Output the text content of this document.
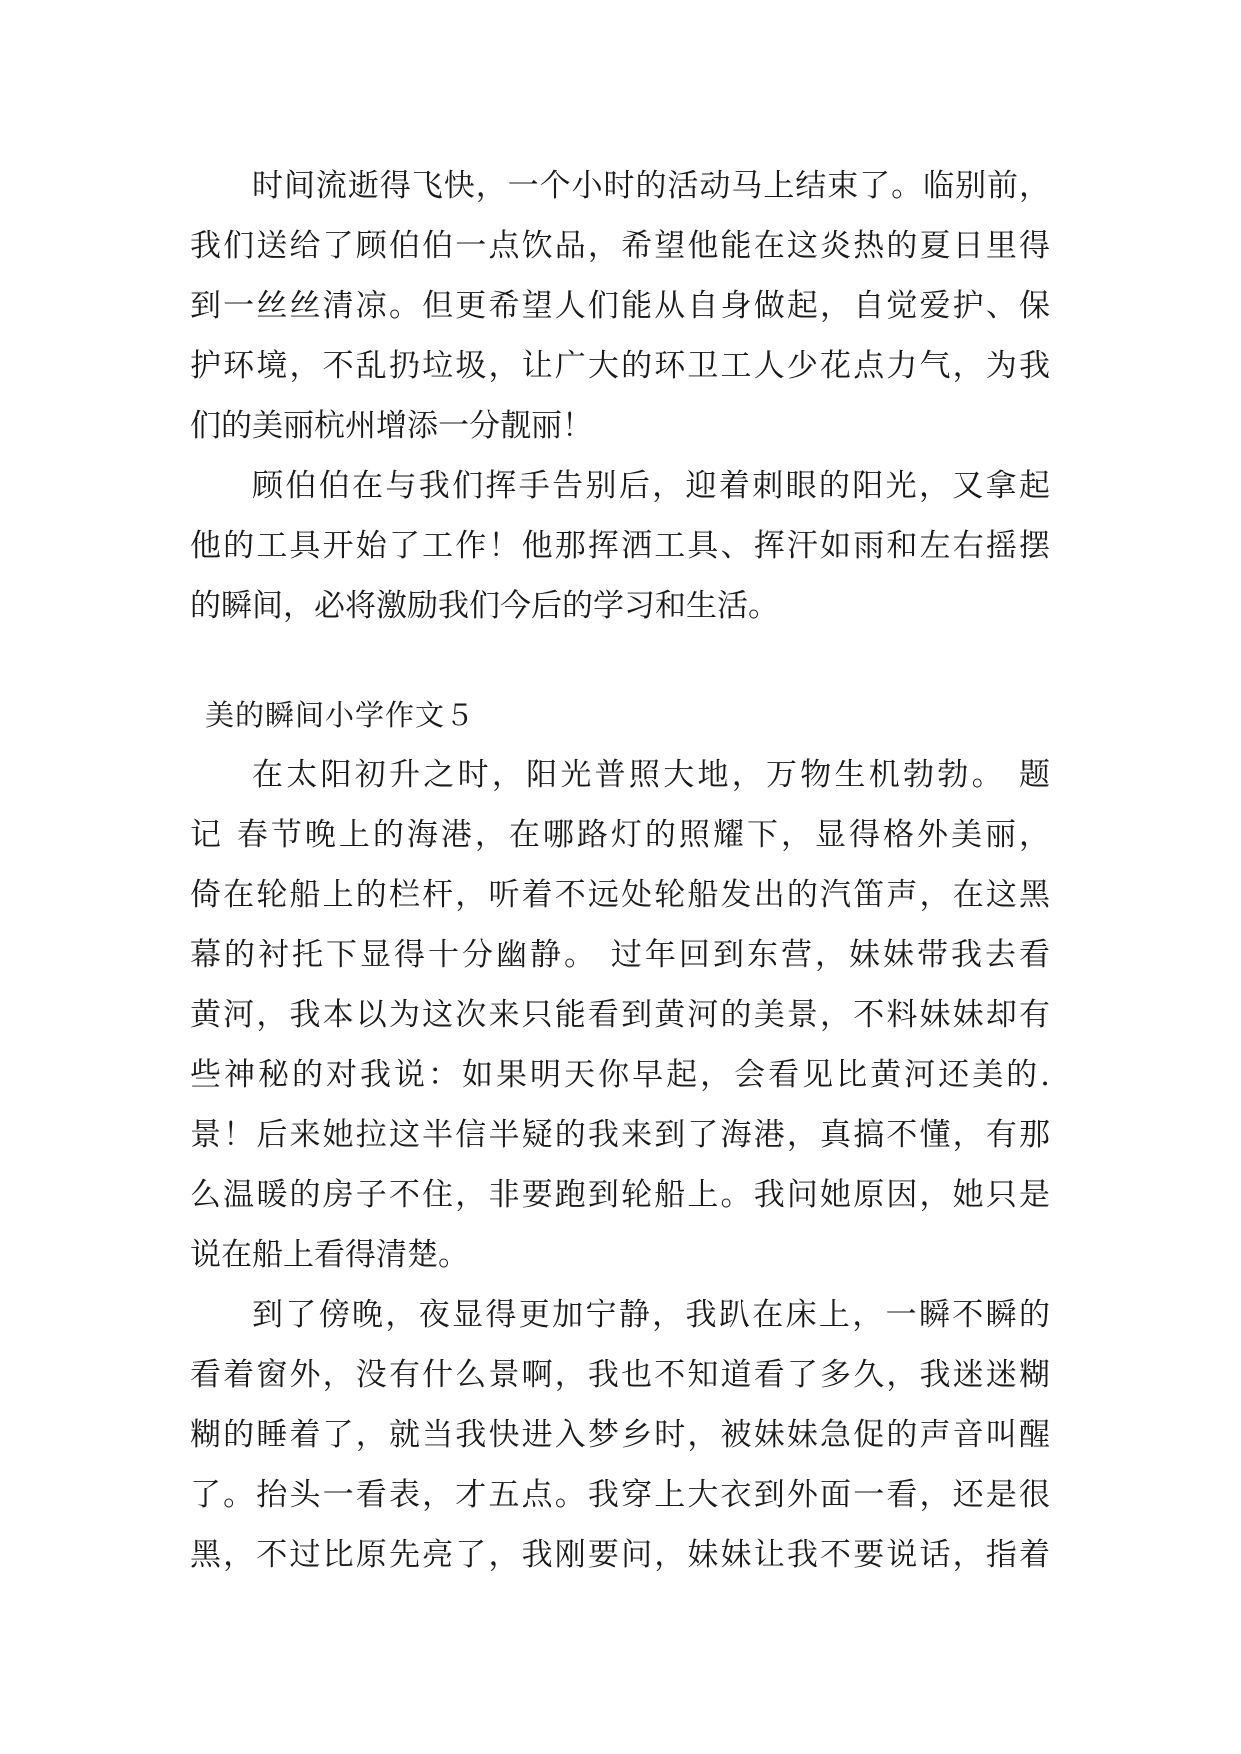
时间流逝得飞快，一个小时的活动马上结束了。临别前，
我们送给了顾伯伯一点饮品，希望他能在这炎热的夏日里得
到一丝丝清凉。但更希望人们能从自身做起，自觉爱护、保
护环境，不乱扔垃圾，让广大的环卫工人少花点力气，为我
们的美丽杭州增添一分靓丽！
顾伯伯在与我们挥手告别后，迎着刺眼的阳光，又拿起
他的工具开始了工作！他那挥洒工具、挥汗如雨和左右摇摆
的瞬间，必将激励我们今后的学习和生活。
美的瞬间小学作文５
在太阳初升之时，阳光普照大地，万物生机勃勃。 题
记 春节晚上的海港，在哪路灯的照耀下，显得格外美丽，
倚在轮船上的栏杆，听着不远处轮船发出的汽笛声，在这黑
幕的衬托下显得十分幽静。 过年回到东营，妹妹带我去看
黄河，我本以为这次来只能看到黄河的美景，不料妹妹却有
些神秘的对我说：如果明天你早起，会看见比黄河还美的.
景！后来她拉这半信半疑的我来到了海港，真搞不懂，有那
么温暖的房子不住，非要跑到轮船上。我问她原因，她只是
说在船上看得清楚。
到了傍晚，夜显得更加宁静，我趴在床上，一瞬不瞬的
看着窗外，没有什么景啊，我也不知道看了多久，我迷迷糊
糊的睡着了，就当我快进入梦乡时，被妹妹急促的声音叫醒
了。抬头一看表，才五点。我穿上大衣到外面一看，还是很
黑，不过比原先亮了，我刚要问，妹妹让我不要说话，指着
